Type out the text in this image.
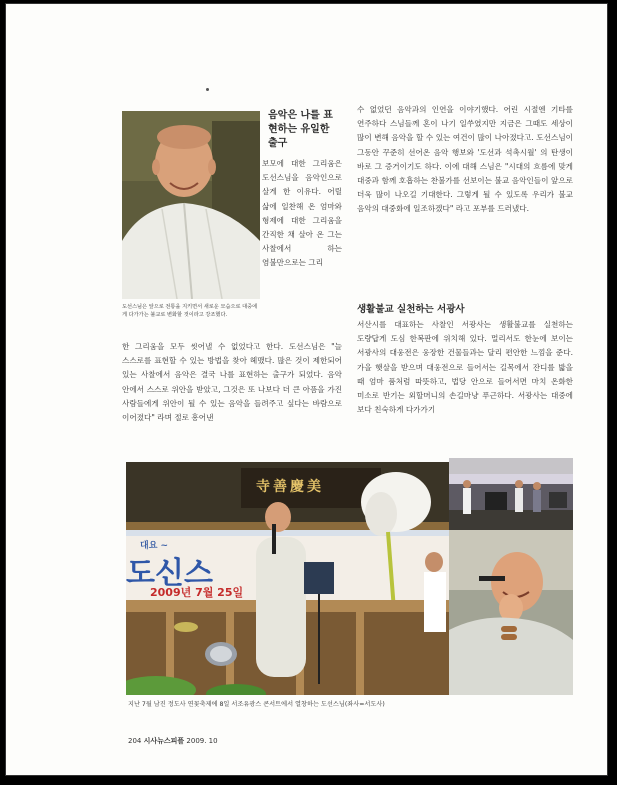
도선스님은 앞으로 전통을 지키면서 새로운 모습으로 대중에게 다가가는 불교로 변화할 것이라고 강조했다.
음악은 나를 표현하는 유일한 출구
보모에 대한 그리움은 도선스님을 음악인으로 살게 한 이유다. 어릴 삶에 일찬해 온 엄마와 형제에 대한 그리움을 간직한 채 살아 온 그는 사찰에서 하는 염불만으로는 그리
한 그리움을 모두 씻어낼 수 없었다고 한다. 도선스님은 "늘 스스로를 표현할 수 있는 방법을 찾아 헤맸다. 많은 것이 제한되어 있는 사찰에서 음악은 결국 나를 표현하는 출구가 되었다. 음악 안에서 스스로 위안을 받았고, 그것은 또 나보다 더 큰 아픔을 가진 사람들에게 위안이 될 수 있는 음악을 들려주고 싶다는 바람으로 이어졌다" 라며 절로 흥어낸
수 없었던 음악과의 인연을 이야기했다. 어린 시절엔 기타를 연주하다 스님들께 혼이 나기 일쑤였지만 지금은 그때도 세상이 많이 변해 음악을 할 수 있는 여건이 많이 나아졌다고. 도선스님이 그동안 꾸준히 선어온 음악 행보와 '도선과 석촉시월' 의 탄생이 바로 그 증거이기도 하다. 이에 대해 스님은 "시대의 흐름에 맞게 대중과 함께 호흡하는 찬불가를 선보이는 불교 음악인들이 앞으로 더욱 많이 나오길 기대한다. 그렇게 될 수 있도록 우리가 불교 음악의 대중화에 일조하겠다" 라고 포부를 드러냈다.
생활불교 실천하는 서광사
서산시를 대표하는 사찰인 서광사는 생활불교를 실천하는 도량답게 도심 한복판에 위치해 있다. 멀리서도 한눈에 보이는 서광사의 대웅전은 웅장한 건물들과는 달리 편안한 느낌을 준다. 가을 햇살을 받으며 대웅전으로 들어서는 길목에서 잔디를 밟을 때 엄마 품처럼 따뜻하고, 법당 안으로 들어서면 마치 온화한 미소로 반기는 외할머니의 손길마냥 푸근하다. 서광사는 대중에 보다 친숙하게 다가가기
寺善慶美
대요 ~
도신스
2009년 7월 25일
지난 7월 남진 정도사 연꽃축제에 8일 서조유광스 콘서트에서 열창하는 도선스님(좌사=서도사)
204 시사뉴스피플 2009. 10
